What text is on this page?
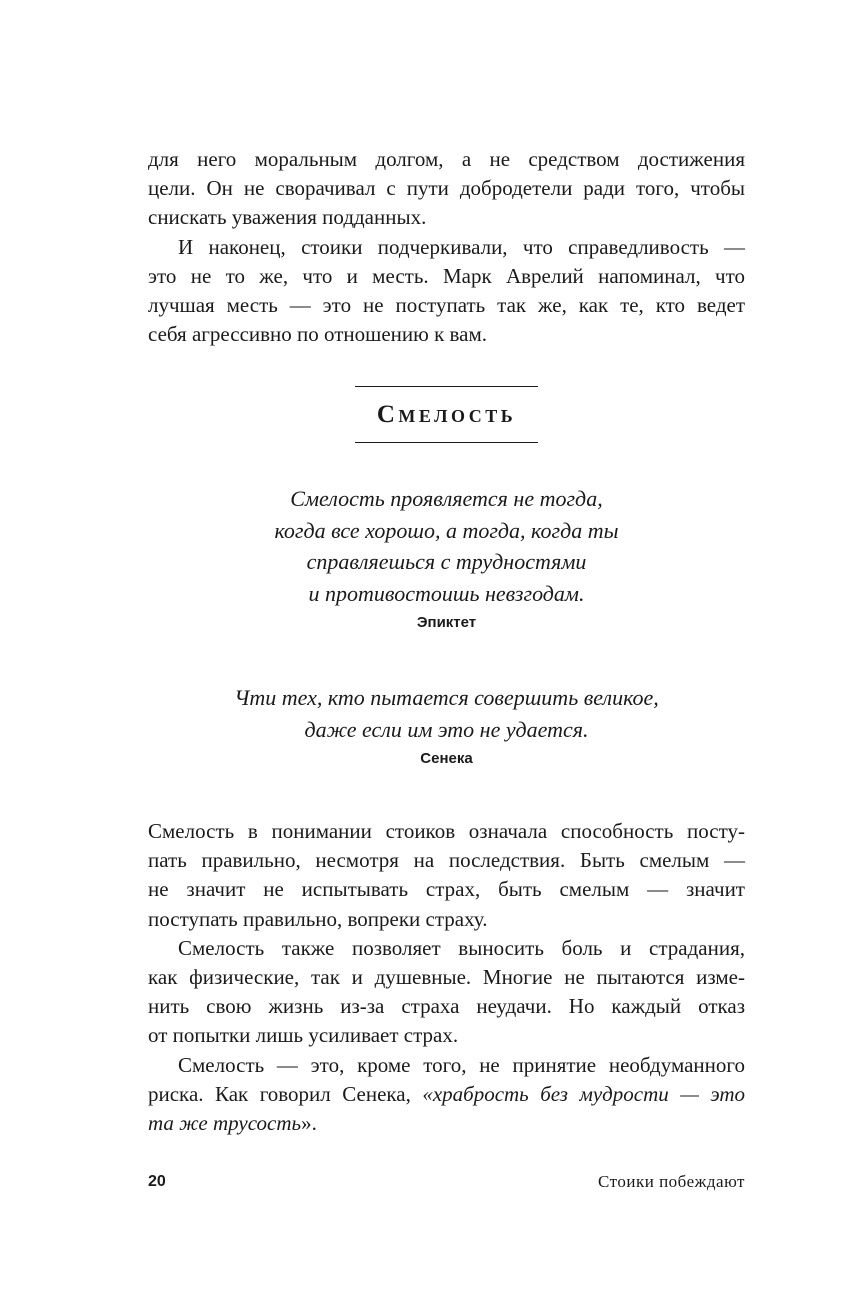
для него моральным долгом, а не средством достижения
цели. Он не сворачивал с пути добродетели ради того, чтобы
снискать уважения подданных.
И наконец, стоики подчеркивали, что справедливость —
это не то же, что и месть. Марк Аврелий напоминал, что
лучшая месть — это не поступать так же, как те, кто ведет
себя агрессивно по отношению к вам.
Смелость
Смелость проявляется не тогда,
когда все хорошо, а тогда, когда ты
справляешься с трудностями
и противостоишь невзгодам.
Эпиктет
Чти тех, кто пытается совершить великое,
даже если им это не удается.
Сенека
Смелость в понимании стоиков означала способность посту-
пать правильно, несмотря на последствия. Быть смелым —
не значит не испытывать страх, быть смелым — значит
поступать правильно, вопреки страху.
Смелость также позволяет выносить боль и страдания,
как физические, так и душевные. Многие не пытаются изме-
нить свою жизнь из-за страха неудачи. Но каждый отказ
от попытки лишь усиливает страх.
Смелость — это, кроме того, не принятие необдуманного
риска. Как говорил Сенека, «храбрость без мудрости — это
та же трусость».
20	Стоики побеждают
